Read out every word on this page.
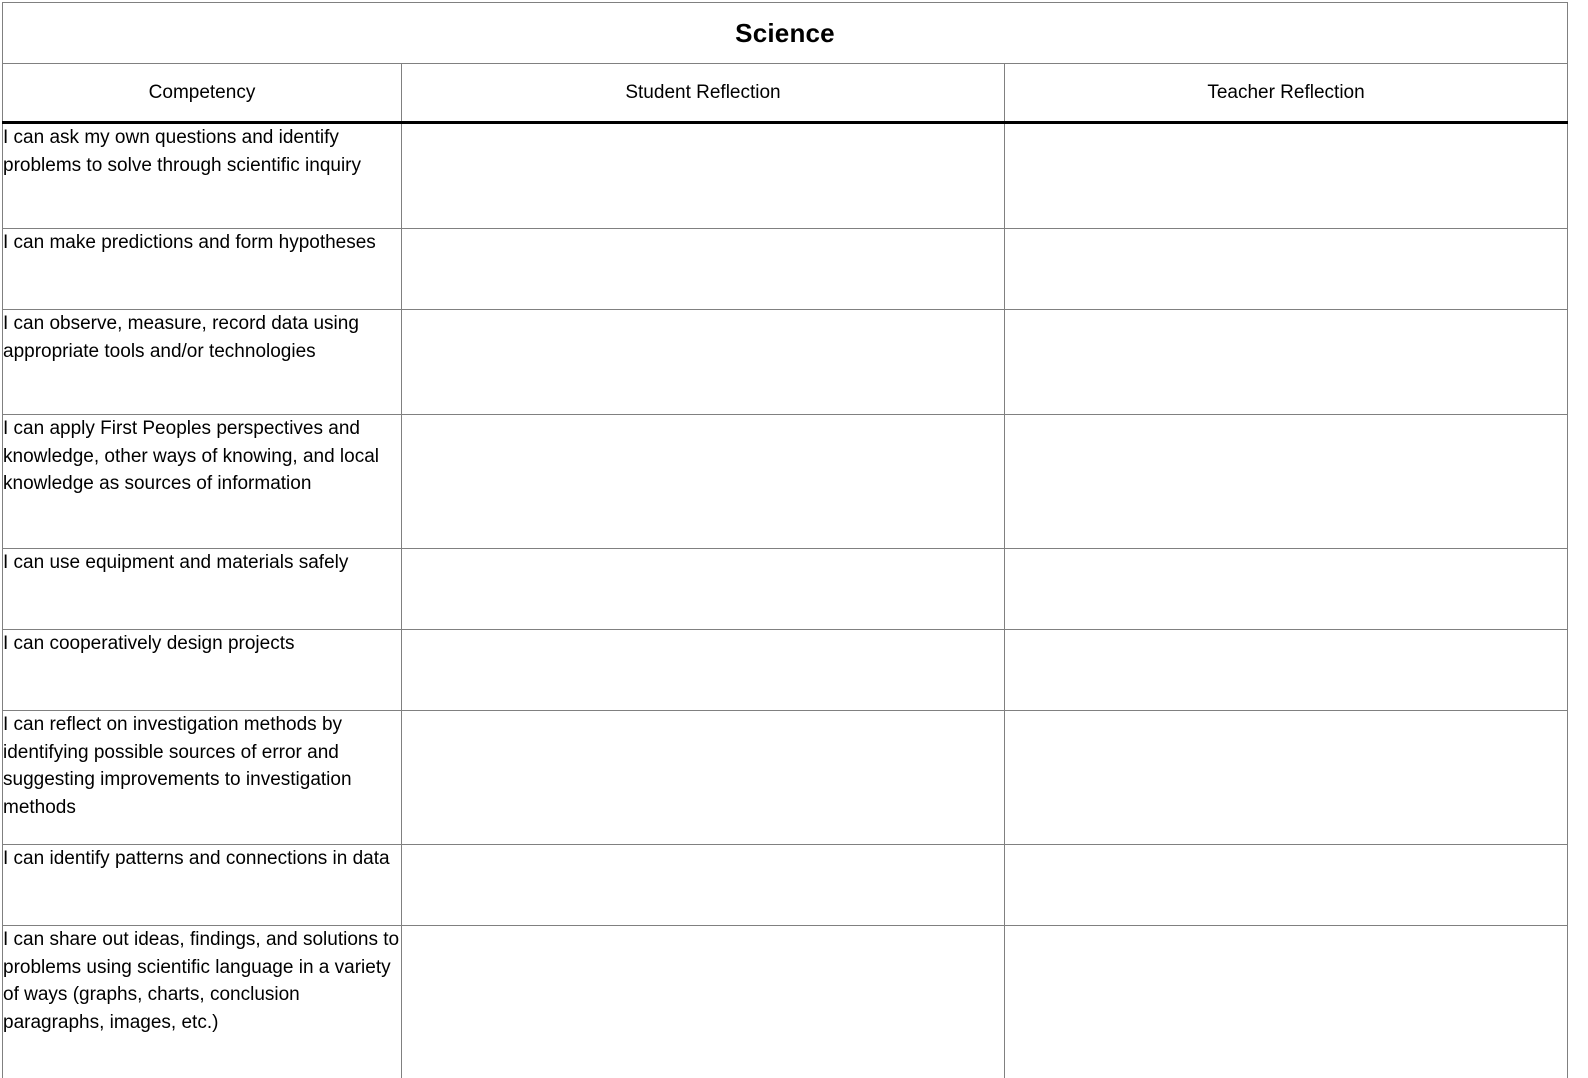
Science		
Competency	Student Reflection	Teacher Reflection
I can ask my own questions and identify problems to solve through scientific inquiry		
I can make predictions and form hypotheses		
I can observe, measure, record data using appropriate tools and/or technologies		
I can apply First Peoples perspectives and knowledge, other ways of knowing, and local knowledge as sources of information		
I can use equipment and materials safely		
I can cooperatively design projects		
I can reflect on investigation methods by identifying possible sources of error and suggesting improvements to investigation methods		
I can identify patterns and connections in data		
I can share out ideas, findings, and solutions to problems using scientific language in a variety of ways (graphs, charts, conclusion paragraphs, images, etc.)		
